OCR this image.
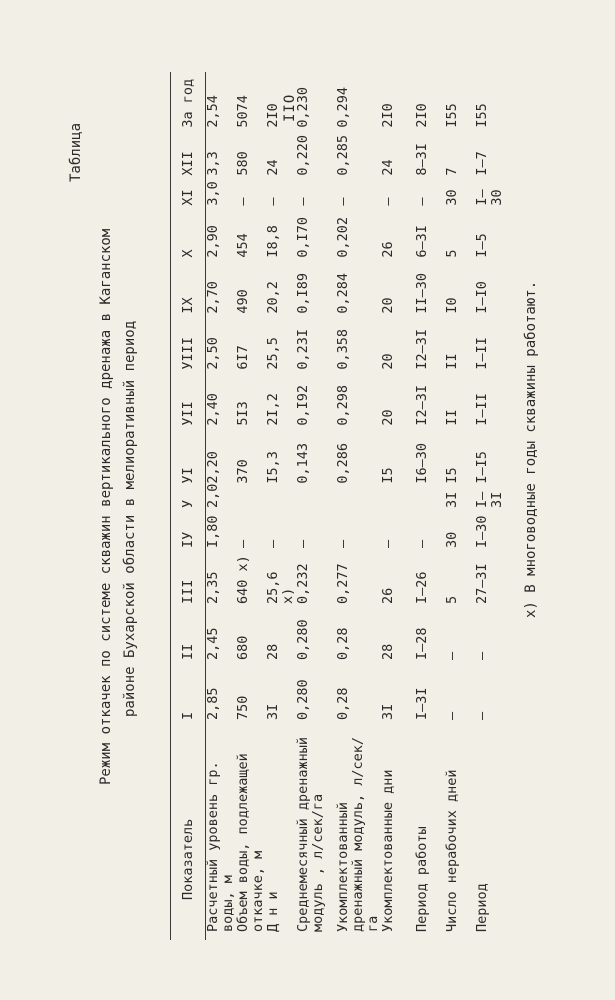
IIO
Таблица
Режим откачек по системе скважин вертикального дренажа в Каганском районе Бухарской области в мелиоративный период
Показатель	I	II	III	IУ	У	УI	УII	УIII	IX	X	XI	XII	За год
Расчетный уровень гр. воды, м	2,85	2,45	2,35	I,80	2,0	2,20	2,40	2,50	2,70	2,90	3,0	3,3	2,54
Объем воды, подлежащей откачке, м	750	680	640 x)	–		370	5I3	6I7	490	454	–	580	5074
Д н и	3I	28	25,6 x)	–		I5,3	2I,2	25,5	20,2	I8,8	–	24	2I0
Среднемесячный дренажный модуль , л/сек/га	0,280	0,280	0,232	–		0,143	0,I92	0,23I	0,I89	0,I70	–	0,220	0,230
Укомплектованный дренажный модуль, л/сек/га	0,28	0,28	0,277	–		0,286	0,298	0,358	0,284	0,202	–	0,285	0,294
Укомплектованные дни	3I	28	26	–		I5	20	20	20	26	–	24	2I0
Период работы	I–3I	I–28	I–26	–		I6–30	I2–3I	I2–3I	II–30	6–3I	–	8–3I	2I0
Число нерабочих дней	–	–	5	30	3I	I5	II	II	I0	5	30	7	I55
Период	–	–	27–3I	I–30	I–3I	I–I5	I–II	I–II	I–I0	I–5	I–30	I–7	I55
x) В многоводные годы скважины работают.
